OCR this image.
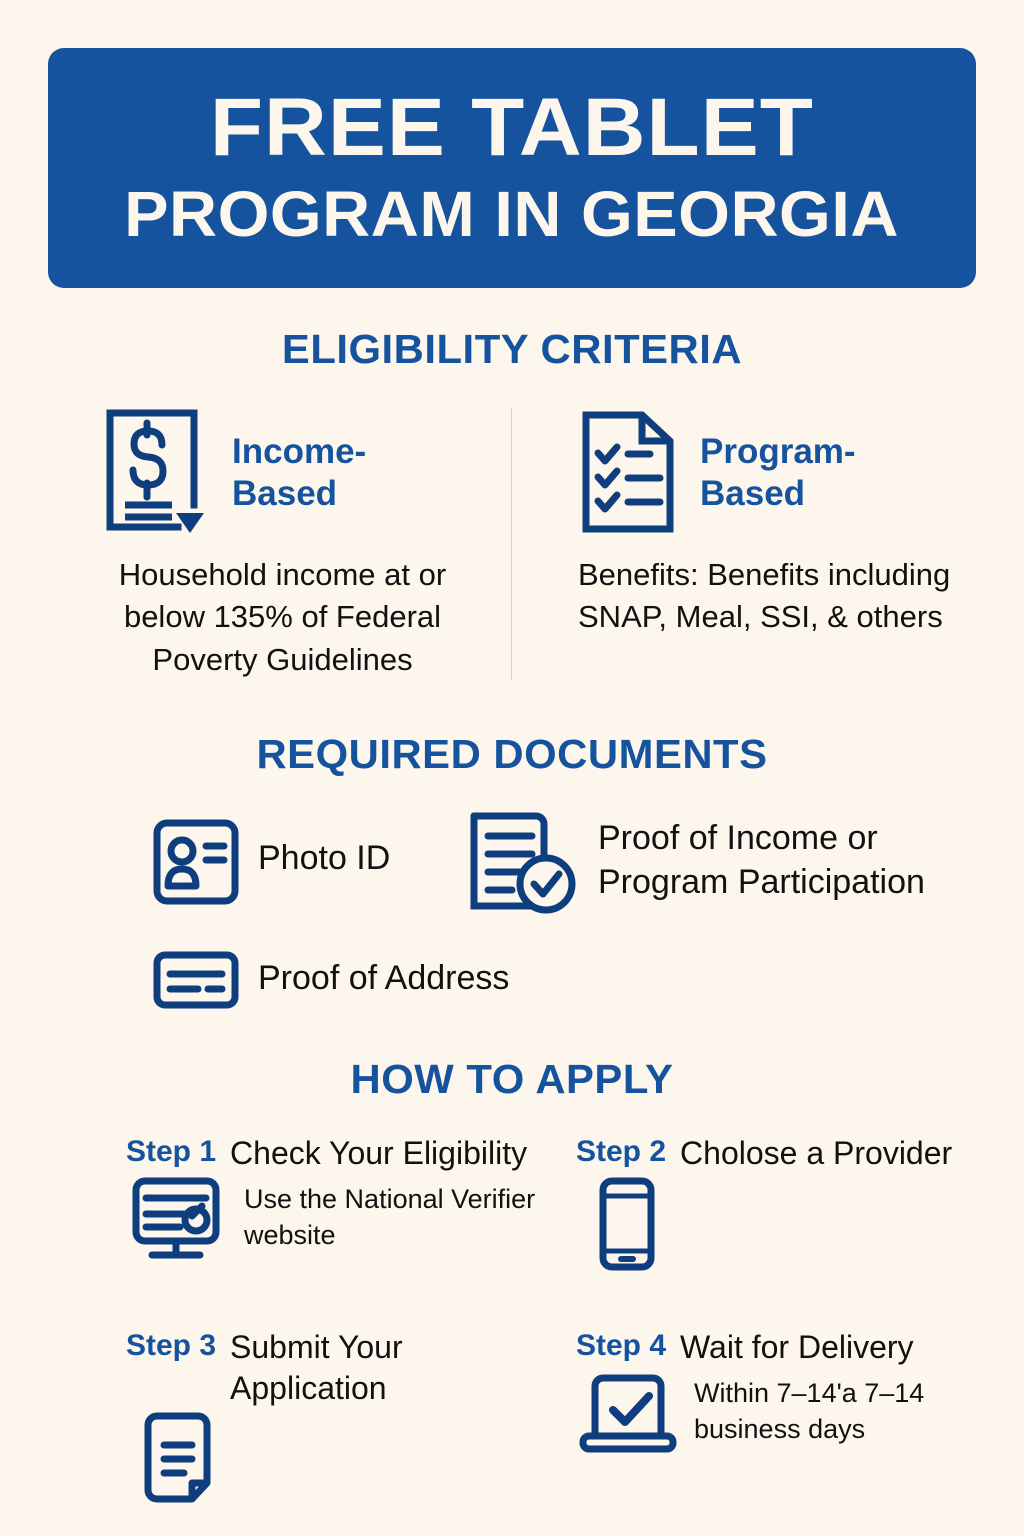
FREE TABLET
PROGRAM IN GEORGIA
ELIGIBILITY CRITERIA
Income-Based
Household income at or below 135% of Federal Poverty Guidelines
Program-Based
Benefits: Benefits including SNAP, Meal, SSI, & others
REQUIRED DOCUMENTS
Photo ID
Proof of Income or Program Participation
Proof of Address
HOW TO APPLY
Step 1 Check Your Eligibility
Use the National Verifier website
Step 2 Cholose a Provider
Step 3 Submit Your Application
Step 4 Wait for Delivery
Within 7–14'a 7–14 business days
